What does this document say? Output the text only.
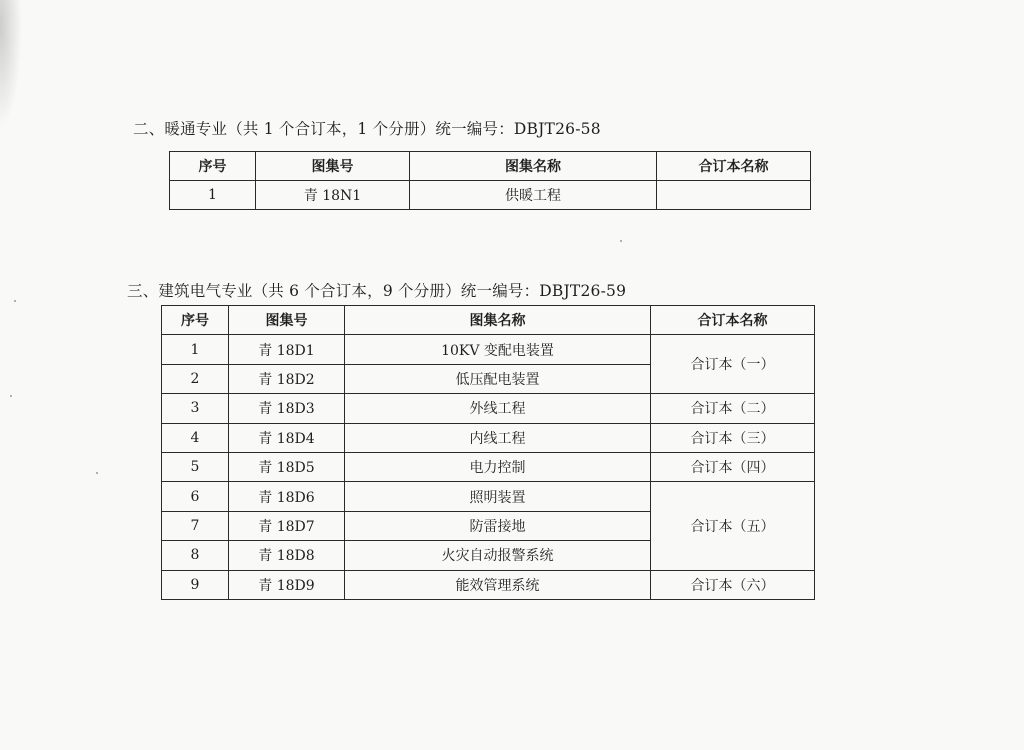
二、暖通专业（共 1 个合订本，1 个分册）统一编号：DBJT26-58
序号	图集号	图集名称	合订本名称
1	青 18N1	供暖工程	
三、建筑电气专业（共 6 个合订本，9 个分册）统一编号：DBJT26-59
序号	图集号	图集名称	合订本名称
1	青 18D1	10KV 变配电装置	合订本（一）
2	青 18D2	低压配电装置	
3	青 18D3	外线工程	合订本（二）
4	青 18D4	内线工程	合订本（三）
5	青 18D5	电力控制	合订本（四）
6	青 18D6	照明装置	合订本（五）
7	青 18D7	防雷接地	
8	青 18D8	火灾自动报警系统	
9	青 18D9	能效管理系统	合订本（六）
